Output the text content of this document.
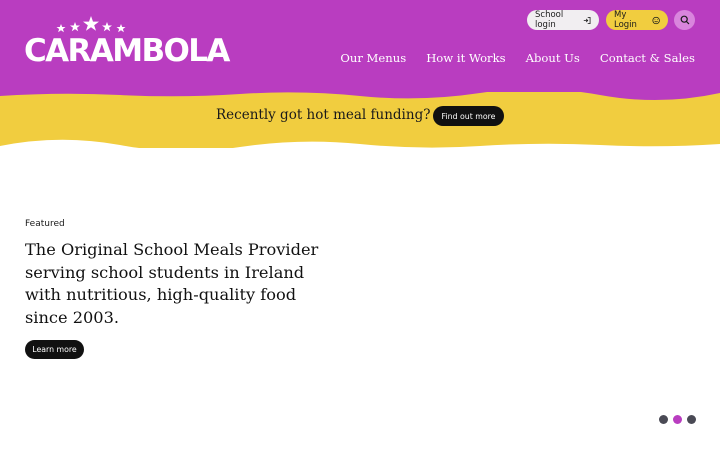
CARAMBOLA
School login
My Login
Our Menus How it Works About Us Contact & Sales
Recently got hot meal funding?	Find out more
Featured
The Original School Meals Provider serving school students in Ireland with nutritious, high-quality food since 2003.
Learn more
